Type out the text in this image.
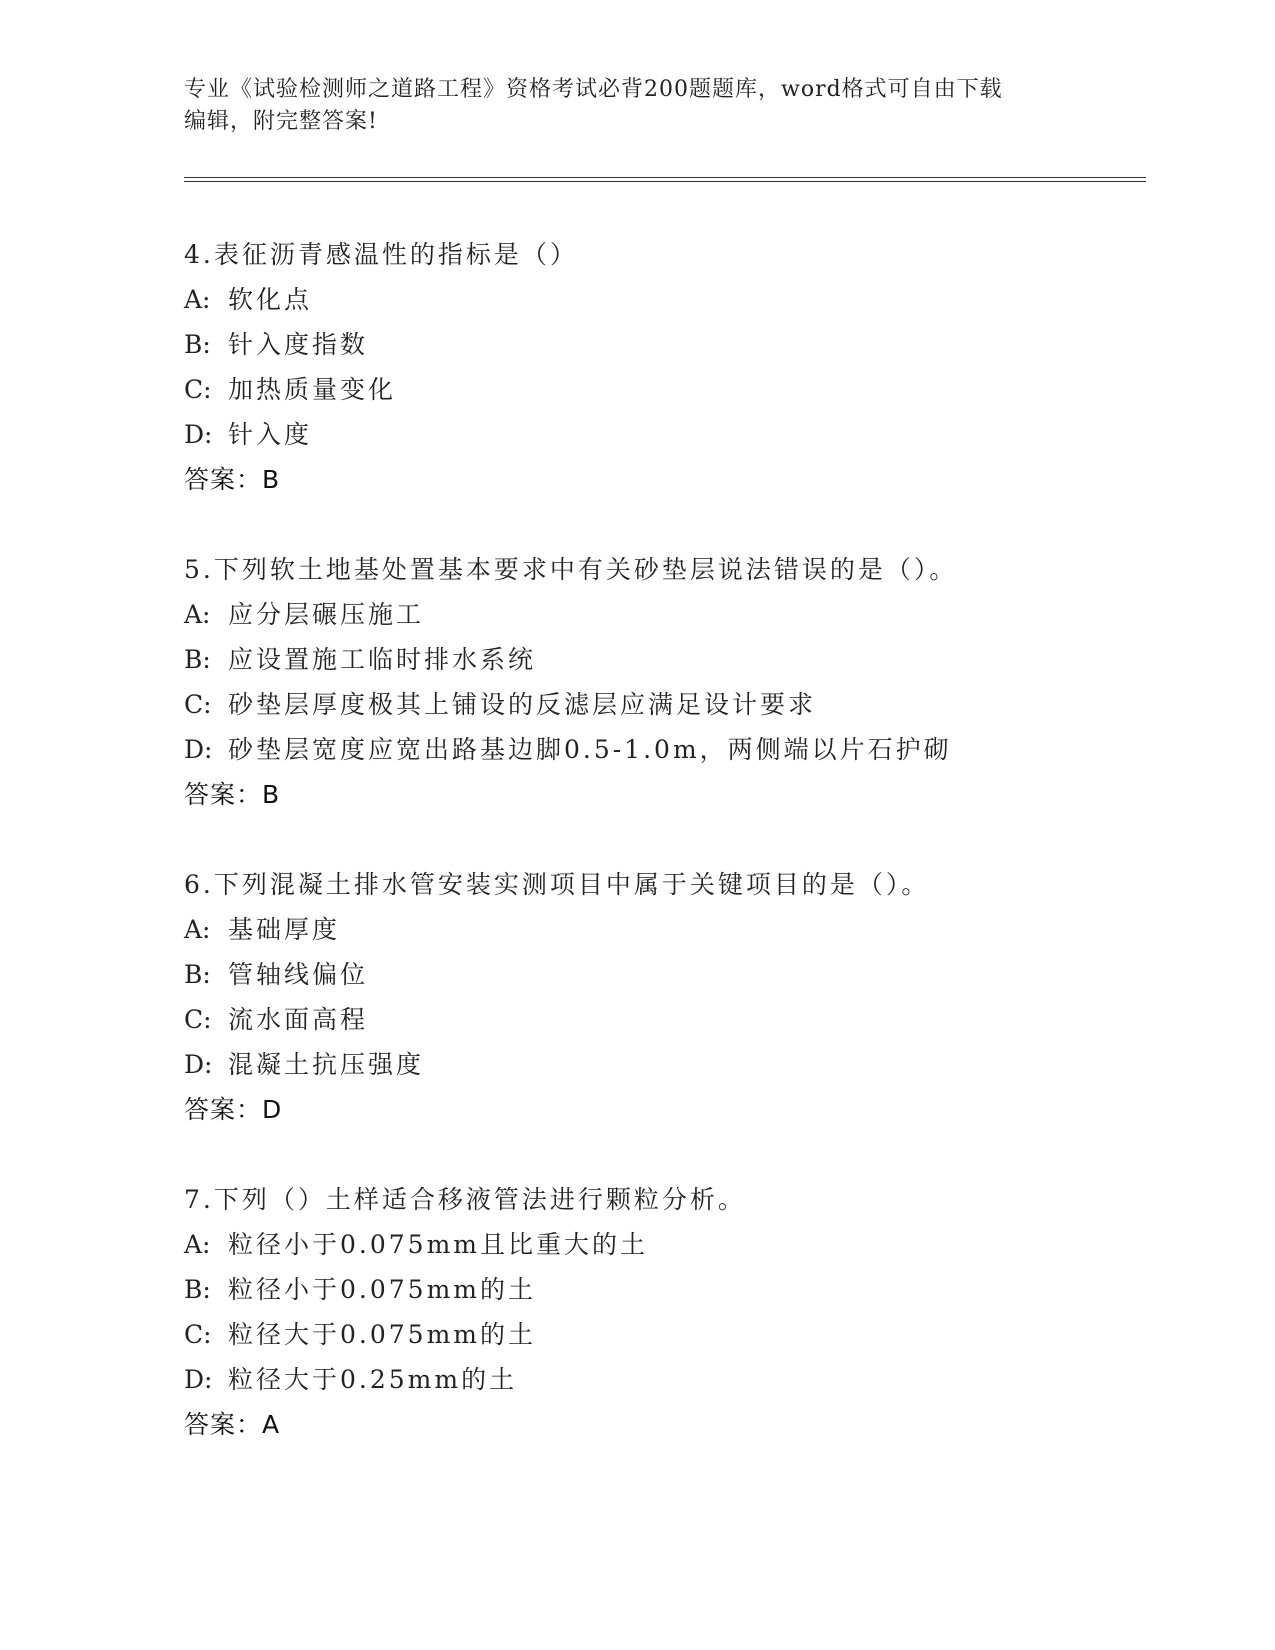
专业《试验检测师之道路工程》资格考试必背200题题库，word格式可自由下载
编辑，附完整答案!
4.表征沥青感温性的指标是（）
A: 软化点
B: 针入度指数
C: 加热质量变化
D: 针入度
答案：B
5.下列软土地基处置基本要求中有关砂垫层说法错误的是（）。
A: 应分层碾压施工
B: 应设置施工临时排水系统
C: 砂垫层厚度极其上铺设的反滤层应满足设计要求
D: 砂垫层宽度应宽出路基边脚0.5-1.0m，两侧端以片石护砌
答案：B
6.下列混凝土排水管安装实测项目中属于关键项目的是（）。
A: 基础厚度
B: 管轴线偏位
C: 流水面高程
D: 混凝土抗压强度
答案：D
7.下列（）土样适合移液管法进行颗粒分析。
A: 粒径小于0.075mm且比重大的土
B: 粒径小于0.075mm的土
C: 粒径大于0.075mm的土
D: 粒径大于0.25mm的土
答案：A
